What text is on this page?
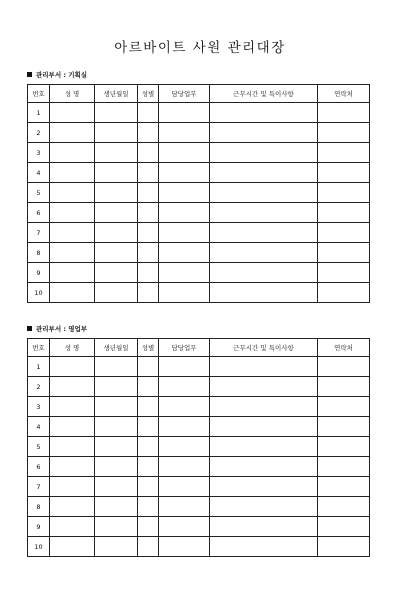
아르바이트 사원 관리대장
관리부서 : 기획실
번호	성 명	생년월일	성별	담당업무	근무시간 및 특이사항	연락처
1						
2						
3						
4						
5						
6						
7						
8						
9						
10						
관리부서 : 영업부
번호	성 명	생년월일	성별	담당업무	근무시간 및 특이사항	연락처
1						
2						
3						
4						
5						
6						
7						
8						
9						
10						
